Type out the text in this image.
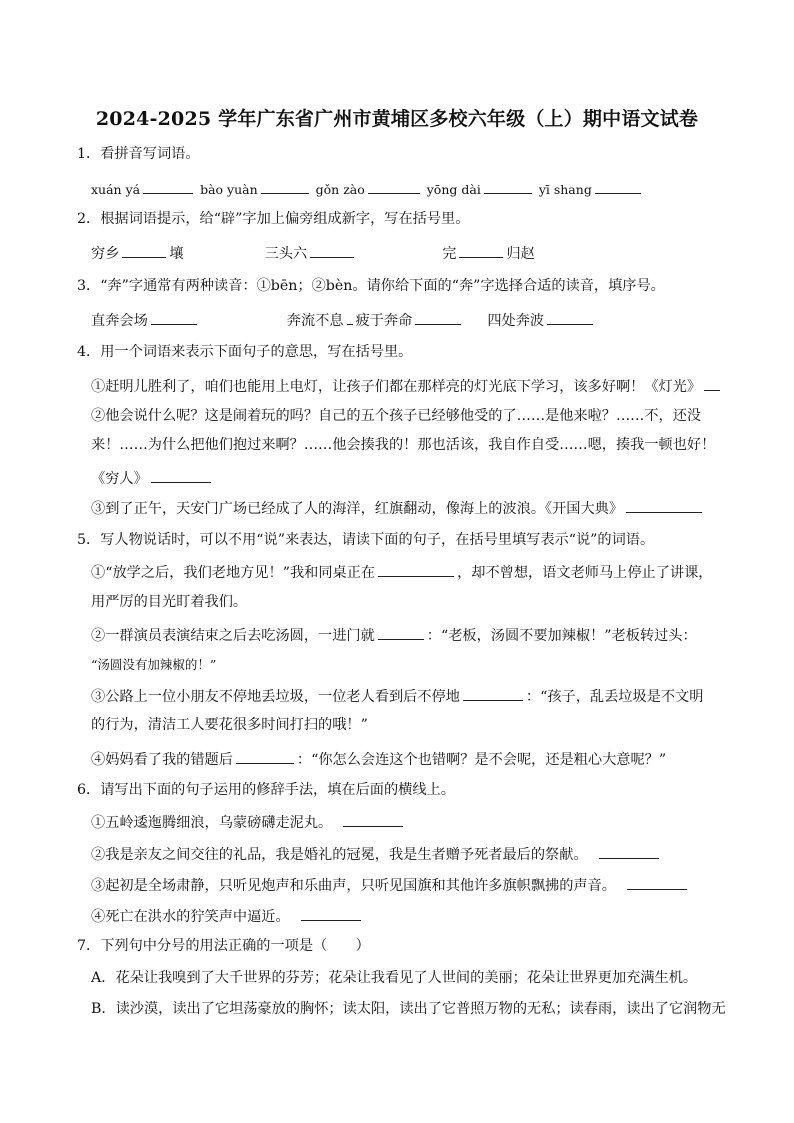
2024-2025 学年广东省广州市黄埔区多校六年级（上）期中语文试卷
1．看拼音写词语。
xuán yá	bào yuàn	gǒn zào	yōng dài	yī shang
2．根据词语提示，给“辟”字加上偏旁组成新字，写在括号里。
穷乡	壤	三头六	完	归赵
3．“奔”字通常有两种读音：①bēn；②bèn。请你给下面的“奔”字选择合适的读音，填序号。
直奔会场	奔流不息 疲于奔命	四处奔波
4．用一个词语来表示下面句子的意思，写在括号里。
①赶明儿胜利了，咱们也能用上电灯，让孩子们都在那样亮的灯光底下学习，该多好啊！《灯光》
②他会说什么呢？这是闹着玩的吗？自己的五个孩子已经够他受的了……是他来啦？……不，还没
来！……为什么把他们抱过来啊？……他会揍我的！那也活该，我自作自受……嗯，揍我一顿也好！
《穷人》
③到了正午，天安门广场已经成了人的海洋，红旗翻动，像海上的波浪。《开国大典》
5．写人物说话时，可以不用“说”来表达，请读下面的句子，在括号里填写表示“说”的词语。
①“放学之后，我们老地方见！”我和同桌正在	，却不曾想，语文老师马上停止了讲课，
用严厉的目光盯着我们。
②一群演员表演结束之后去吃汤圆，一进门就	：“老板，汤圆不要加辣椒！”老板转过头：
“汤圆没有加辣椒的！”
③公路上一位小朋友不停地丢垃圾，一位老人看到后不停地	：“孩子，乱丢垃圾是不文明
的行为，清洁工人要花很多时间打扫的哦！”
④妈妈看了我的错题后	：“你怎么会连这个也错啊？是不会呢，还是粗心大意呢？”
6．请写出下面的句子运用的修辞手法，填在后面的横线上。
①五岭逶迤腾细浪，乌蒙磅礴走泥丸。
②我是亲友之间交往的礼品，我是婚礼的冠冕，我是生者赠予死者最后的祭献。
③起初是全场肃静，只听见炮声和乐曲声，只听见国旗和其他许多旗帜飘拂的声音。
④死亡在洪水的狞笑声中逼近。
7．下列句中分号的用法正确的一项是（　　）
A．花朵让我嗅到了大千世界的芬芳；花朵让我看见了人世间的美丽；花朵让世界更加充满生机。
B．读沙漠，读出了它坦荡豪放的胸怀；读太阳，读出了它普照万物的无私；读春雨，读出了它润物无
